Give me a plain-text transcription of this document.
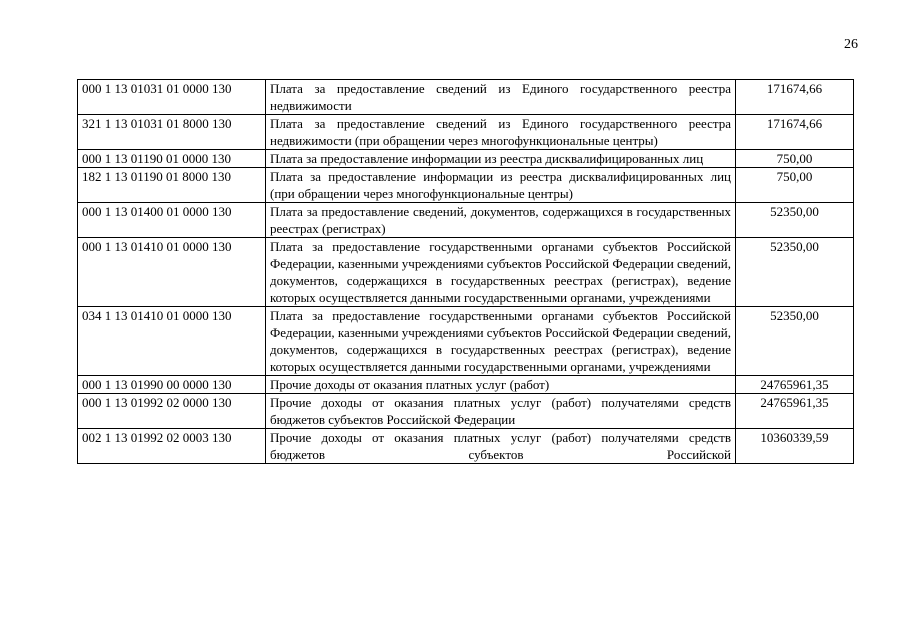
26
000 1 13 01031 01 0000 130	Плата за предоставление сведений из Единого государственного реестра недвижимости	171674,66
321 1 13 01031 01 8000 130	Плата за предоставление сведений из Единого государственного реестра недвижимости (при обращении через многофункциональные центры)	171674,66
000 1 13 01190 01 0000 130	Плата за предоставление информации из реестра дисквалифицированных лиц	750,00
182 1 13 01190 01 8000 130	Плата за предоставление информации из реестра дисквалифицированных лиц (при обращении через многофункциональные центры)	750,00
000 1 13 01400 01 0000 130	Плата за предоставление сведений, документов, содержащихся в государственных реестрах (регистрах)	52350,00
000 1 13 01410 01 0000 130	Плата за предоставление государственными органами субъектов Российской Федерации, казенными учреждениями субъектов Российской Федерации сведений, документов, содержащихся в государственных реестрах (регистрах), ведение которых осуществляется данными государственными органами, учреждениями	52350,00
034 1 13 01410 01 0000 130	Плата за предоставление государственными органами субъектов Российской Федерации, казенными учреждениями субъектов Российской Федерации сведений, документов, содержащихся в государственных реестрах (регистрах), ведение которых осуществляется данными государственными органами, учреждениями	52350,00
000 1 13 01990 00 0000 130	Прочие доходы от оказания платных услуг (работ)	24765961,35
000 1 13 01992 02 0000 130	Прочие доходы от оказания платных услуг (работ) получателями средств бюджетов субъектов Российской Федерации	24765961,35
002 1 13 01992 02 0003 130	Прочие доходы от оказания платных услуг (работ) получателями средств бюджетов субъектов Российской	10360339,59
